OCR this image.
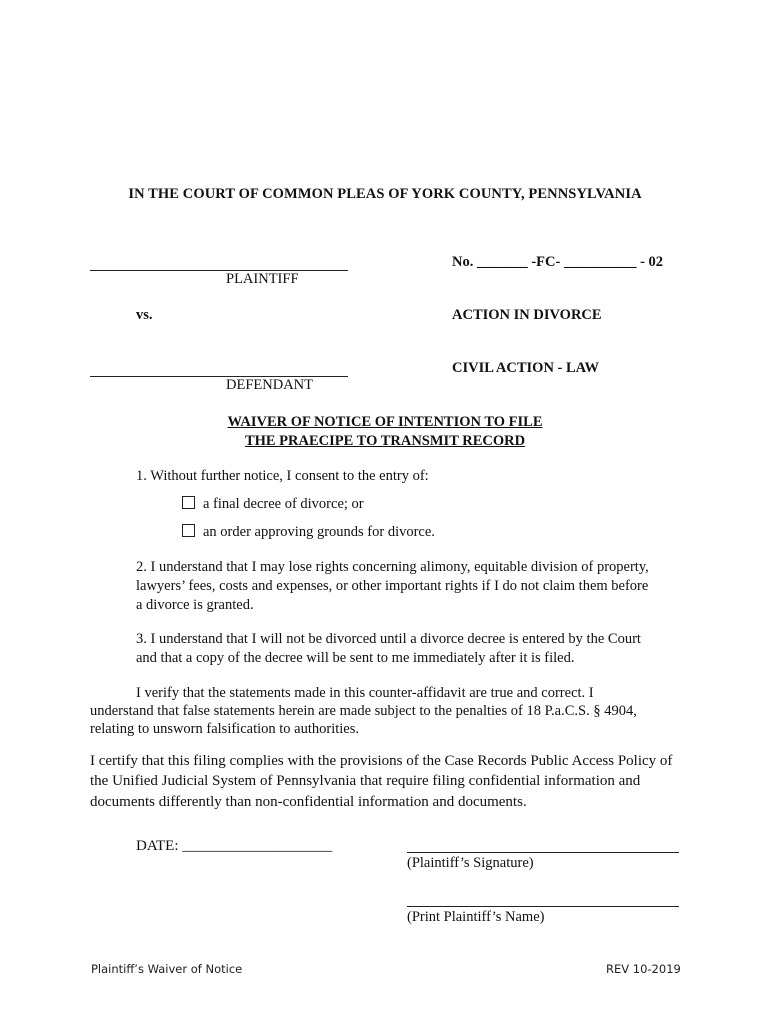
IN THE COURT OF COMMON PLEAS OF YORK COUNTY, PENNSYLVANIA
No. _______ -FC- __________ - 02
PLAINTIFF
vs.	ACTION IN DIVORCE
CIVIL ACTION - LAW
DEFENDANT
WAIVER OF NOTICE OF INTENTION TO FILE
THE PRAECIPE TO TRANSMIT RECORD
1. Without further notice, I consent to the entry of:
a final decree of divorce; or
an order approving grounds for divorce.
2. I understand that I may lose rights concerning alimony, equitable division of property,
lawyers’ fees, costs and expenses, or other important rights if I do not claim them before
a divorce is granted.
3. I understand that I will not be divorced until a divorce decree is entered by the Court
and that a copy of the decree will be sent to me immediately after it is filed.
I verify that the statements made in this counter-affidavit are true and correct. I
understand that false statements herein are made subject to the penalties of 18 P.a.C.S. § 4904,
relating to unsworn falsification to authorities.
I certify that this filing complies with the provisions of the Case Records Public Access Policy of
the Unified Judicial System of Pennsylvania that require filing confidential information and
documents differently than non-confidential information and documents.
DATE: ____________________
(Plaintiff’s Signature)
(Print Plaintiff’s Name)
Plaintiff’s Waiver of Notice	REV 10-2019
